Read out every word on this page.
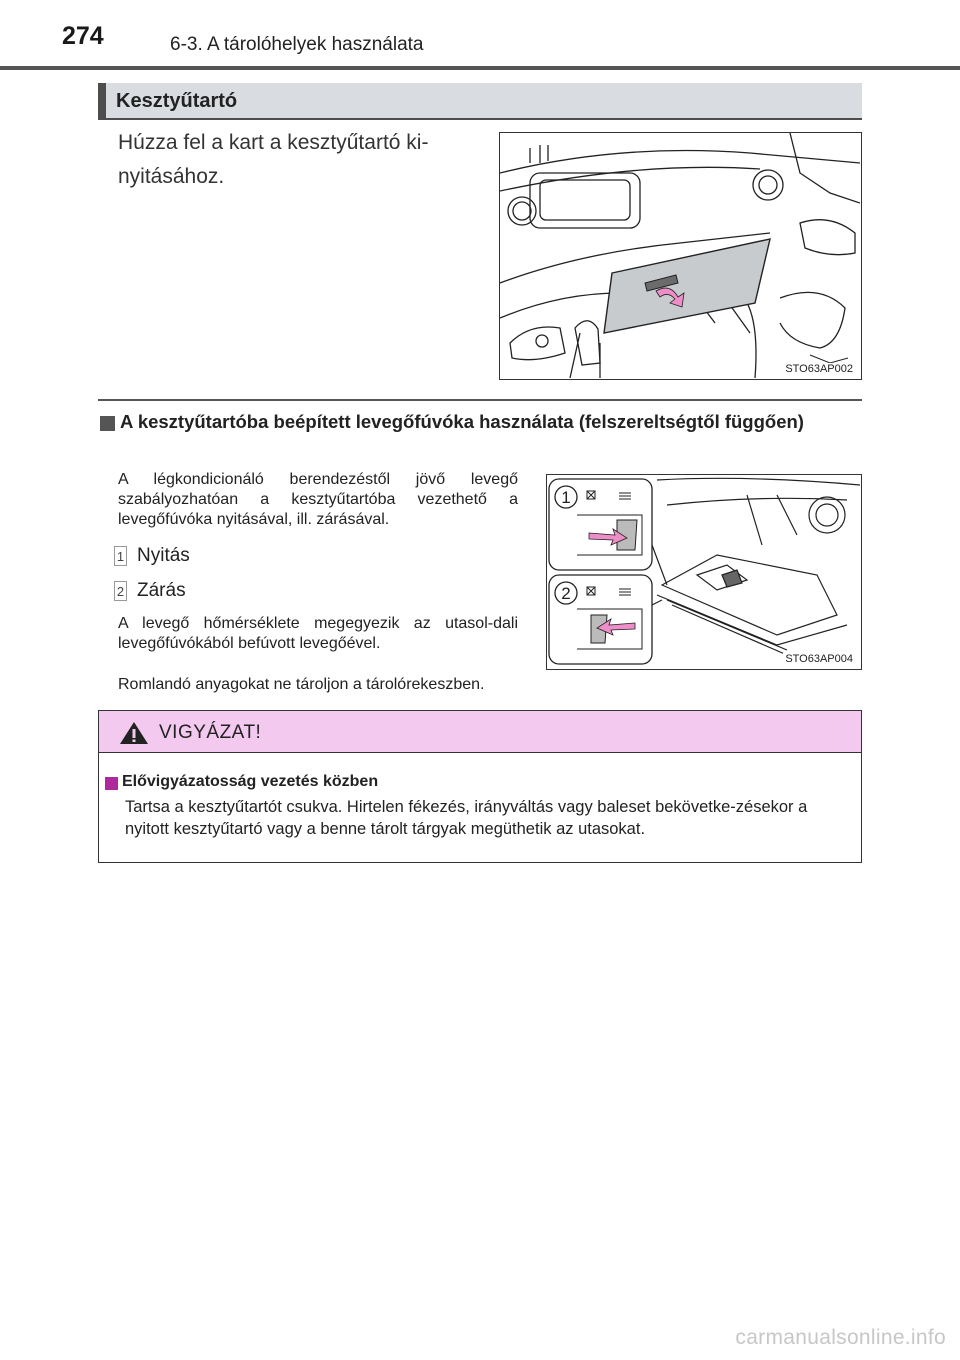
274	6-3. A tárolóhelyek használata
Kesztyűtartó
Húzza fel a kart a kesztyűtartó ki-nyitásához.
STO63AP002
A kesztyűtartóba beépített levegőfúvóka használata (felszereltségtől függően)
A légkondicionáló berendezéstől jövő levegő szabályozhatóan a kesztyűtartóba vezethető a levegőfúvóka nyitásával, ill. zárásával.
1 Nyitás
2 Zárás
A levegő hőmérséklete megegyezik az utasol-dali levegőfúvókából befúvott levegőével.
Romlandó anyagokat ne tároljon a tárolórekeszben.
1
2
STO63AP004
VIGYÁZAT!
Elővigyázatosság vezetés közben
Tartsa a kesztyűtartót csukva. Hirtelen fékezés, irányváltás vagy baleset bekövetke-zésekor a nyitott kesztyűtartó vagy a benne tárolt tárgyak megüthetik az utasokat.
carmanualsonline.info
